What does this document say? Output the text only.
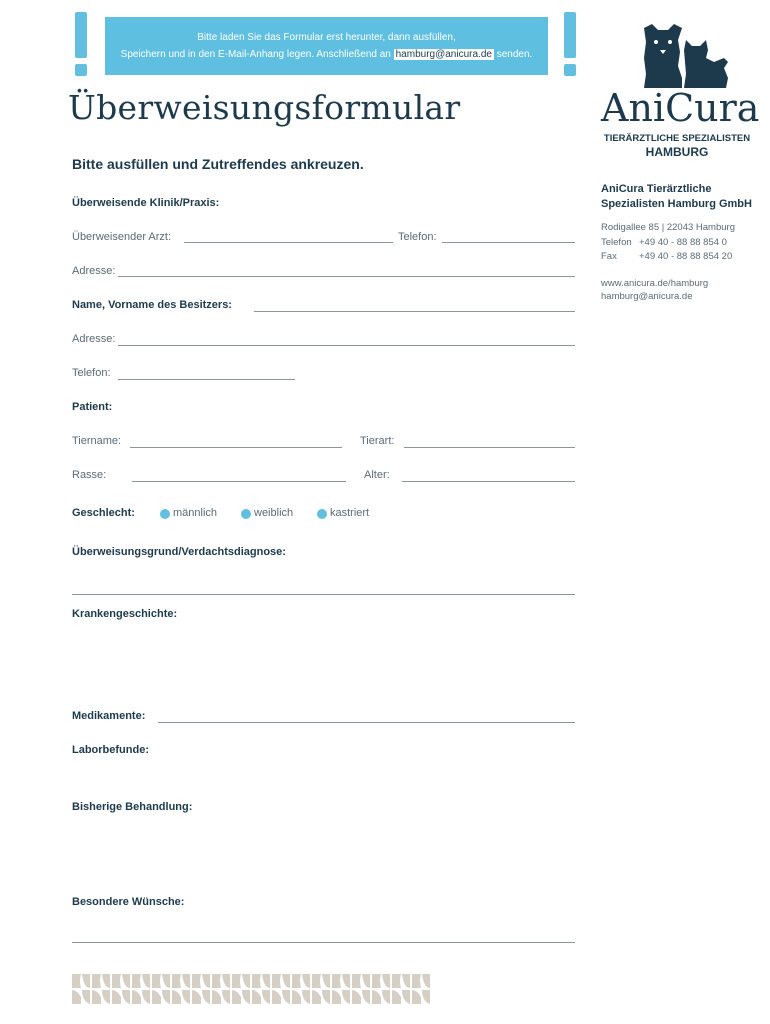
Bitte laden Sie das Formular erst herunter, dann ausfüllen,
Speichern und in den E-Mail-Anhang legen. Anschließend an hamburg@anicura.de senden.
Überweisungsformular
Bitte ausfüllen und Zutreffendes ankreuzen.
Überweisende Klinik/Praxis:
Überweisender Arzt:	Telefon:
Adresse:
Name, Vorname des Besitzers:
Adresse:
Telefon:
Patient:
Tiername:	Tierart:
Rasse:	Alter:
Geschlecht:	männlich	weiblich	kastriert
Überweisungsgrund/Verdachtsdiagnose:
Krankengeschichte:
Medikamente:
Laborbefunde:
Bisherige Behandlung:
Besondere Wünsche:
AniCura
TIERÄRZTLICHE SPEZIALISTEN
HAMBURG
AniCura Tierärztliche
Spezialisten Hamburg GmbH
Rodigallee 85 | 22043 Hamburg
Telefon +49 40 - 88 88 854 0
Fax +49 40 - 88 88 854 20
www.anicura.de/hamburg
hamburg@anicura.de
